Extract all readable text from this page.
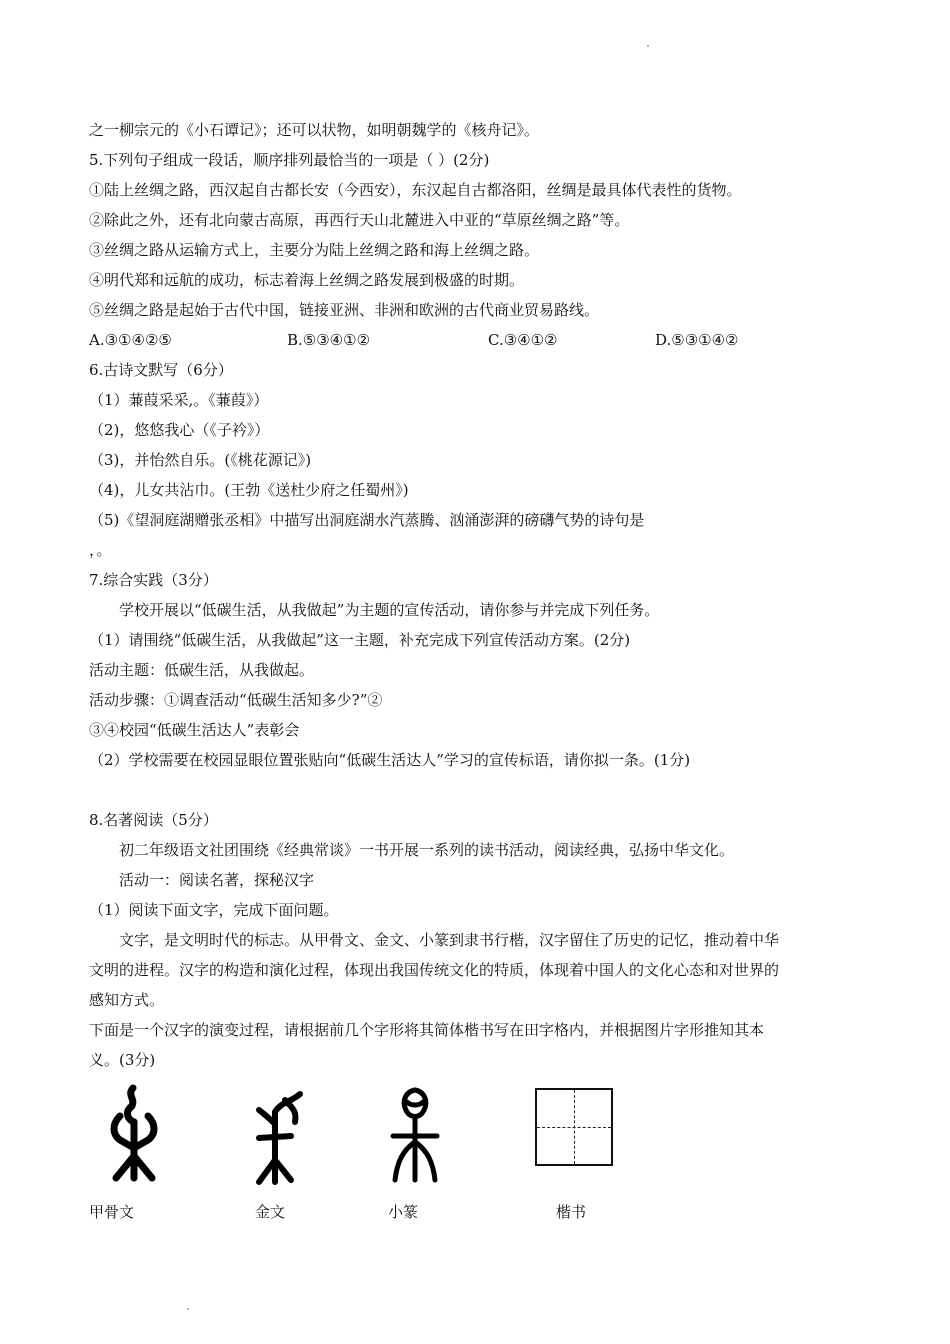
之一柳宗元的《小石谭记》；还可以状物，如明朝魏学的《核舟记》。
5.下列句子组成一段话，顺序排列最恰当的一项是（ ）(2分)
①陆上丝绸之路，西汉起自古都长安（今西安），东汉起自古都洛阳，丝绸是最具体代表性的货物。
②除此之外，还有北向蒙古高原，再西行天山北麓进入中亚的“草原丝绸之路”等。
③丝绸之路从运输方式上，主要分为陆上丝绸之路和海上丝绸之路。
④明代郑和远航的成功，标志着海上丝绸之路发展到极盛的时期。
⑤丝绸之路是起始于古代中国，链接亚洲、非洲和欧洲的古代商业贸易路线。
A.③①④②⑤	B.⑤③④①②	C.③④①②	D.⑤③①④②
6.古诗文默写（6分）
（1）蒹葭采采,。《蒹葭》）
（2)，悠悠我心（《子衿》）
（3)，并怡然自乐。(《桃花源记》)
（4)，儿女共沾巾。(王勃《送杜少府之任蜀州》)
（5)《望洞庭湖赠张丞相》中描写出洞庭湖水汽蒸腾、汹涌澎湃的磅礴气势的诗句是
，。
7.综合实践（3分）
学校开展以“低碳生活，从我做起”为主题的宣传活动，请你参与并完成下列任务。
（1）请围绕“低碳生活，从我做起”这一主题，补充完成下列宣传活动方案。(2分)
活动主题：低碳生活，从我做起。
活动步骤：①调查活动“低碳生活知多少?”②
③④校园“低碳生活达人”表彰会
（2）学校需要在校园显眼位置张贴向“低碳生活达人”学习的宣传标语，请你拟一条。(1分)
8.名著阅读（5分）
初二年级语文社团围绕《经典常谈》一书开展一系列的读书活动，阅读经典，弘扬中华文化。
活动一：阅读名著，探秘汉字
（1）阅读下面文字，完成下面问题。
文字，是文明时代的标志。从甲骨文、金文、小篆到隶书行楷，汉字留住了历史的记忆，推动着中华
文明的进程。汉字的构造和演化过程，体现出我国传统文化的特质，体现着中国人的文化心态和对世界的
感知方式。
下面是一个汉字的演变过程，请根据前几个字形将其简体楷书写在田字格内，并根据图片字形推知其本
义。(3分)
甲骨文	金文	小篆	楷书
